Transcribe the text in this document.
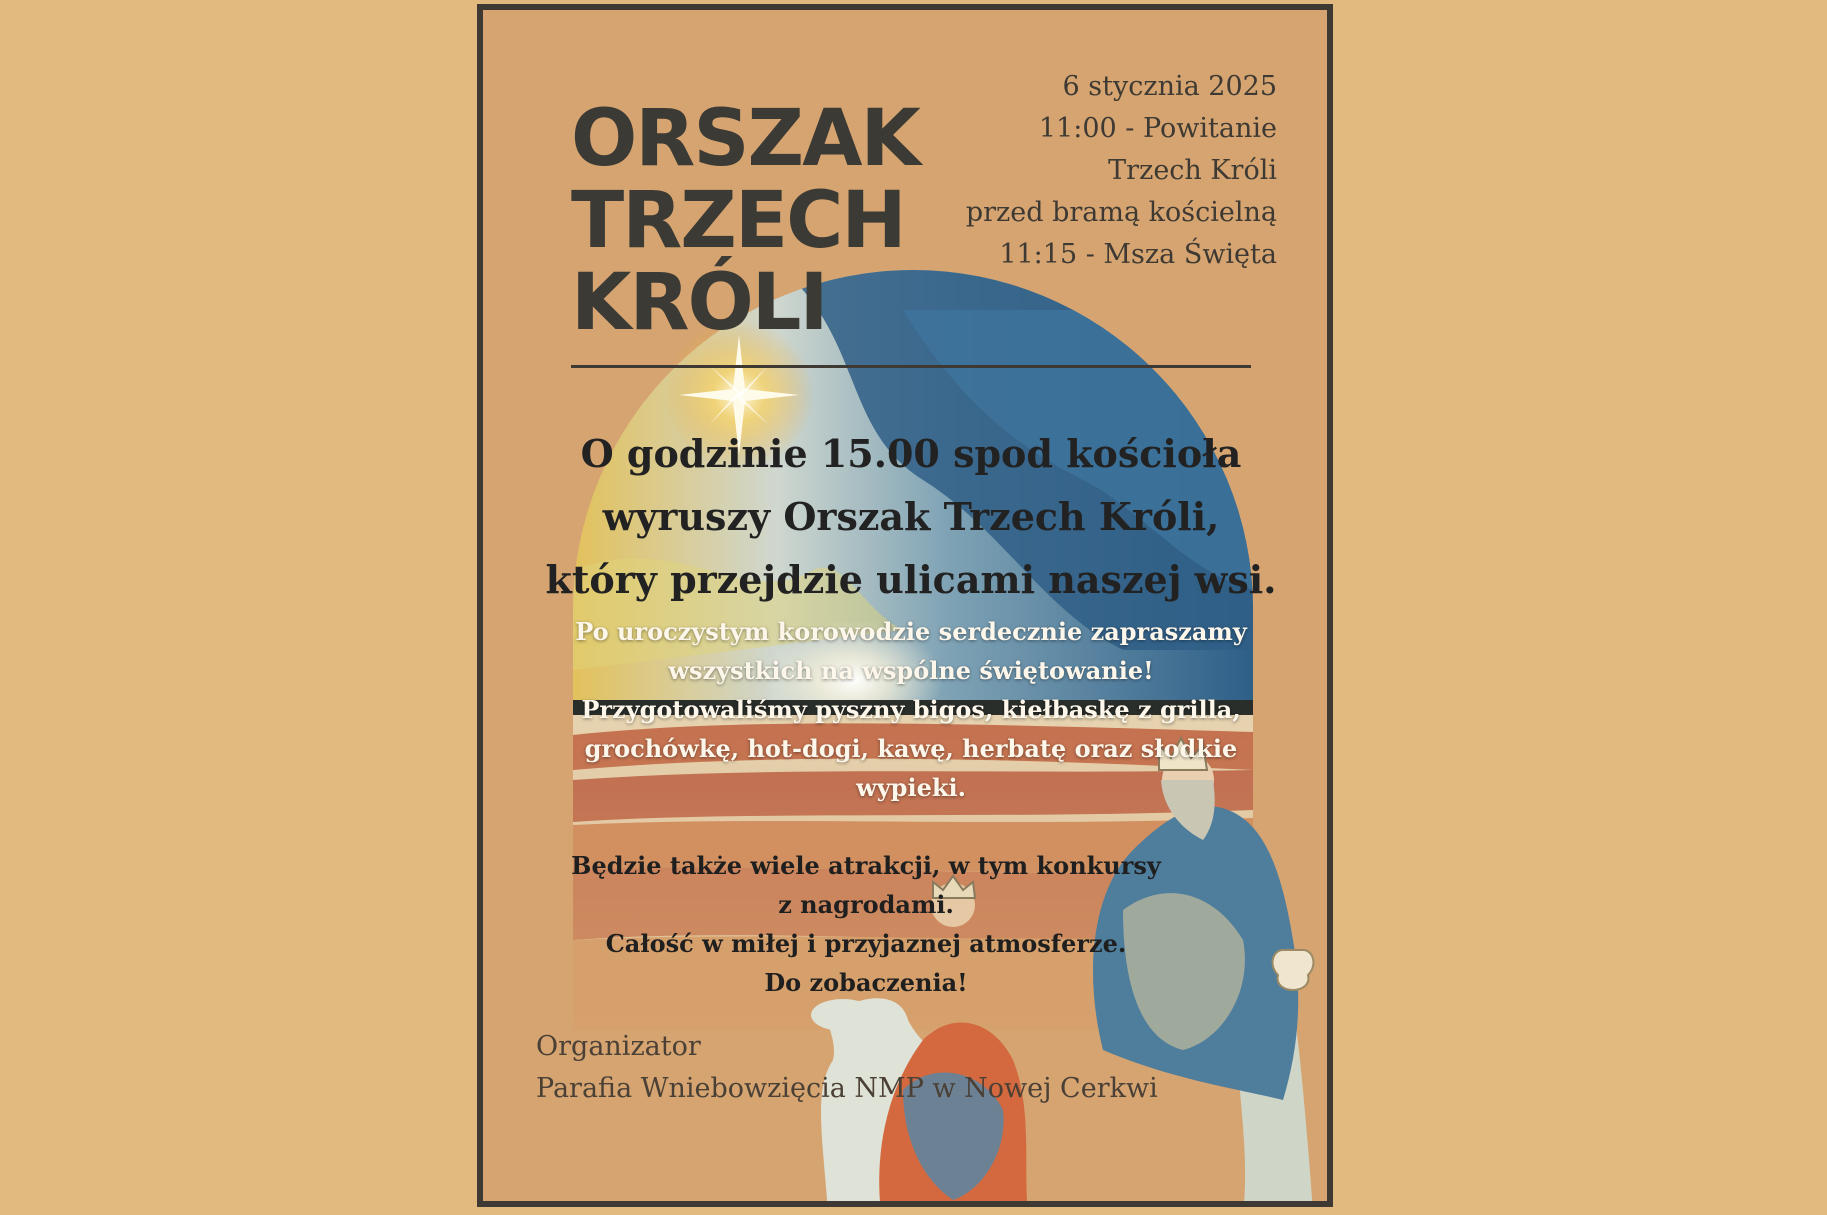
ORSZAK
TRZECH
KRÓLI
6 stycznia 2025
11:00 - Powitanie
Trzech Króli
przed bramą kościelną
11:15 - Msza Święta
O godzinie 15.00 spod kościoła
wyruszy Orszak Trzech Króli,
który przejdzie ulicami naszej wsi.
Po uroczystym korowodzie serdecznie zapraszamy
wszystkich na wspólne świętowanie!
Przygotowaliśmy pyszny bigos, kiełbaskę z grilla,
grochówkę, hot-dogi, kawę, herbatę oraz słodkie
wypieki.
Będzie także wiele atrakcji, w tym konkursy
z nagrodami.
Całość w miłej i przyjaznej atmosferze.
Do zobaczenia!
Organizator
Parafia Wniebowzięcia NMP w Nowej Cerkwi
